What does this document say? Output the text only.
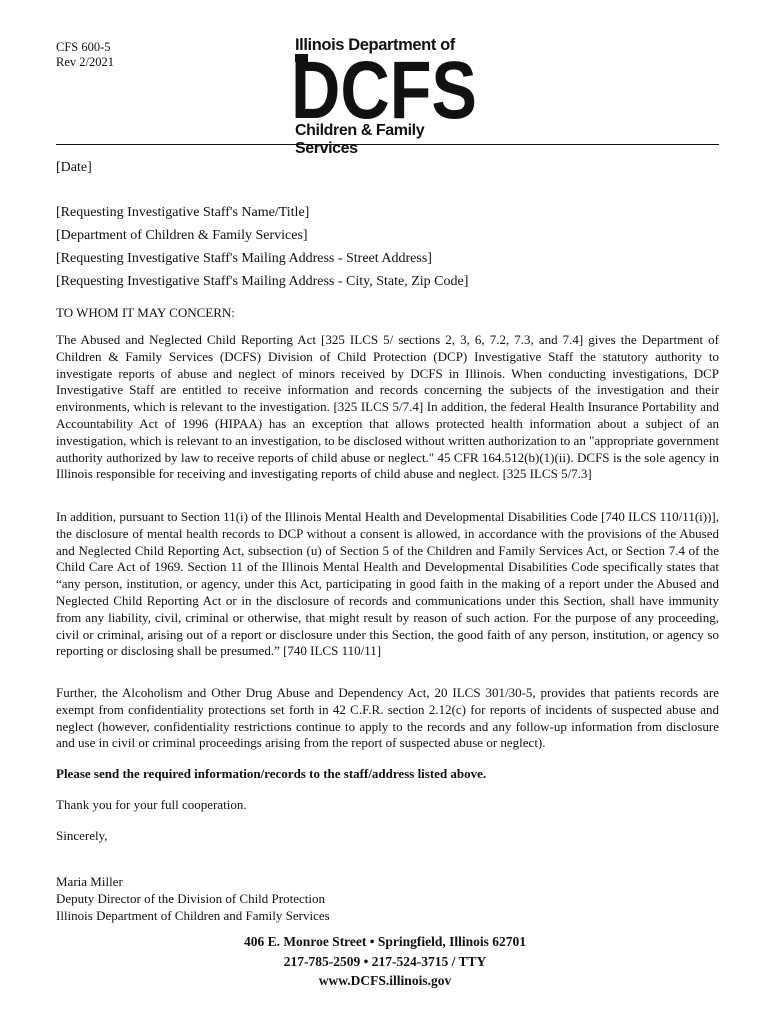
CFS 600-5
Rev 2/2021
Illinois Department of
DCFS
Children & Family Services
[Date]
[Requesting Investigative Staff's Name/Title]
[Department of Children & Family Services]
[Requesting Investigative Staff's Mailing Address - Street Address]
[Requesting Investigative Staff's Mailing Address - City, State, Zip Code]
TO WHOM IT MAY CONCERN:
The Abused and Neglected Child Reporting Act [325 ILCS 5/ sections 2, 3, 6, 7.2, 7.3, and 7.4] gives the Department of Children & Family Services (DCFS) Division of Child Protection (DCP) Investigative Staff the statutory authority to investigate reports of abuse and neglect of minors received by DCFS in Illinois. When conducting investigations, DCP Investigative Staff are entitled to receive information and records concerning the subjects of the investigation and their environments, which is relevant to the investigation. [325 ILCS 5/7.4] In addition, the federal Health Insurance Portability and Accountability Act of 1996 (HIPAA) has an exception that allows protected health information about a subject of an investigation, which is relevant to an investigation, to be disclosed without written authorization to an "appropriate government authority authorized by law to receive reports of child abuse or neglect." 45 CFR 164.512(b)(1)(ii). DCFS is the sole agency in Illinois responsible for receiving and investigating reports of child abuse and neglect. [325 ILCS 5/7.3]
In addition, pursuant to Section 11(i) of the Illinois Mental Health and Developmental Disabilities Code [740 ILCS 110/11(i))], the disclosure of mental health records to DCP without a consent is allowed, in accordance with the provisions of the Abused and Neglected Child Reporting Act, subsection (u) of Section 5 of the Children and Family Services Act, or Section 7.4 of the Child Care Act of 1969. Section 11 of the Illinois Mental Health and Developmental Disabilities Code specifically states that “any person, institution, or agency, under this Act, participating in good faith in the making of a report under the Abused and Neglected Child Reporting Act or in the disclosure of records and communications under this Section, shall have immunity from any liability, civil, criminal or otherwise, that might result by reason of such action. For the purpose of any proceeding, civil or criminal, arising out of a report or disclosure under this Section, the good faith of any person, institution, or agency so reporting or disclosing shall be presumed.” [740 ILCS 110/11]
Further, the Alcoholism and Other Drug Abuse and Dependency Act, 20 ILCS 301/30-5, provides that patients records are exempt from confidentiality protections set forth in 42 C.F.R. section 2.12(c) for reports of incidents of suspected abuse and neglect (however, confidentiality restrictions continue to apply to the records and any follow-up information from disclosure and use in civil or criminal proceedings arising from the report of suspected abuse or neglect).
Please send the required information/records to the staff/address listed above.
Thank you for your full cooperation.
Sincerely,
Maria Miller
Deputy Director of the Division of Child Protection
Illinois Department of Children and Family Services
406 E. Monroe Street • Springfield, Illinois 62701
217-785-2509 • 217-524-3715 / TTY
www.DCFS.illinois.gov
